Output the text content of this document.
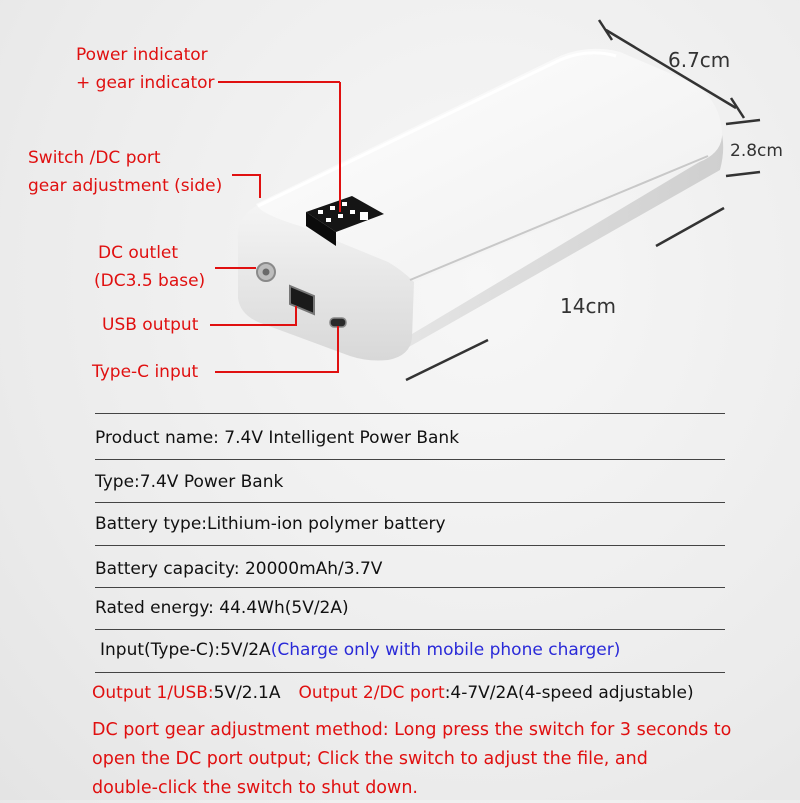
Power indicator
+ gear indicator
Switch /DC port
gear adjustment (side)
DC outlet
(DC3.5 base)
USB output
Type-C input
6.7cm
2.8cm
14cm
Product name: 7.4V Intelligent Power Bank
Type:7.4V Power Bank
Battery type:Lithium-ion polymer battery
Battery capacity: 20000mAh/3.7V
Rated energy: 44.4Wh(5V/2A)
Input(Type-C):5V/2A(Charge only with mobile phone charger)
Output 1/USB:5V/2.1A Output 2/DC port:4-7V/2A(4-speed adjustable)
DC port gear adjustment method: Long press the switch for 3 seconds to
open the DC port output; Click the switch to adjust the file, and
double-click the switch to shut down.
